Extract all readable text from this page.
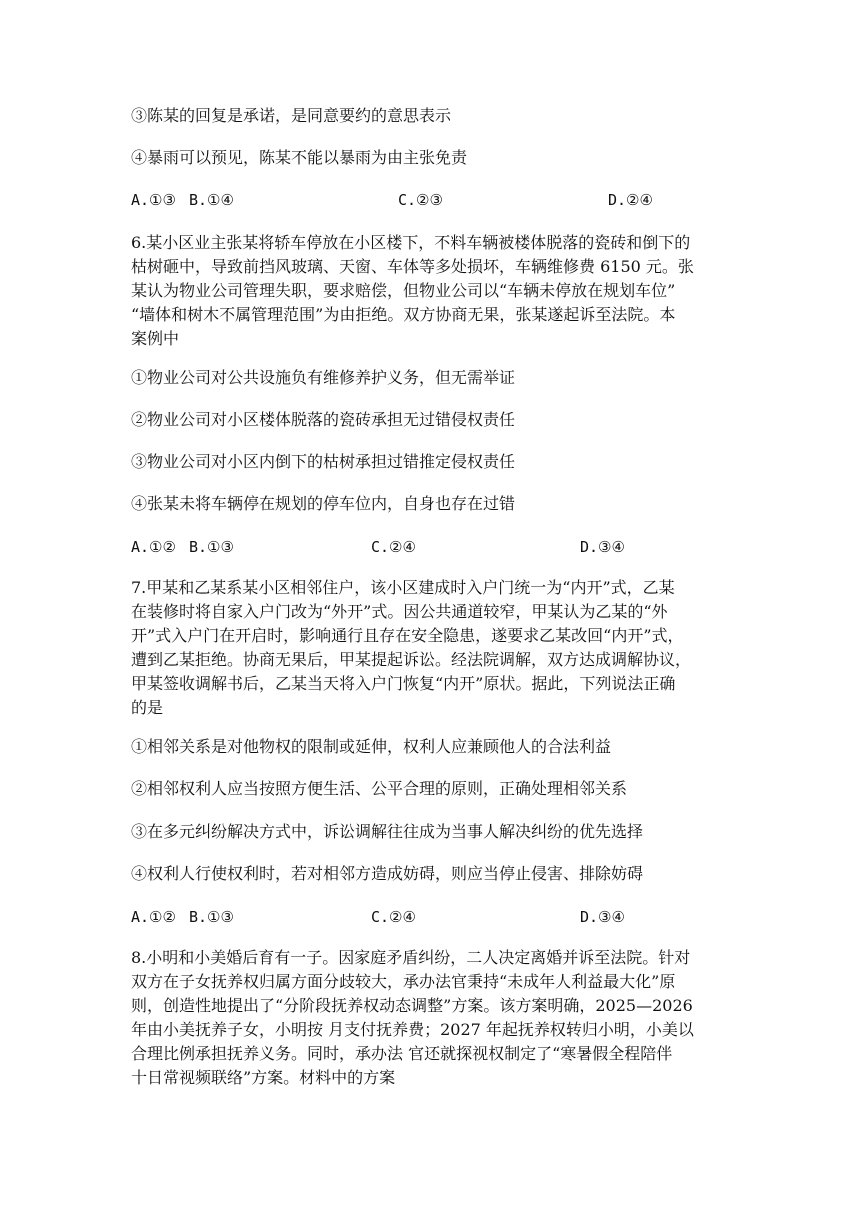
③陈某的回复是承诺，是同意要约的意思表示
④暴雨可以预见，陈某不能以暴雨为由主张免责
A.①③ B.①④	C.②③	D.②④
6.某小区业主张某将轿车停放在小区楼下，不料车辆被楼体脱落的瓷砖和倒下的
枯树砸中，导致前挡风玻璃、天窗、车体等多处损坏，车辆维修费 6150 元。张
某认为物业公司管理失职，要求赔偿，但物业公司以“车辆未停放在规划车位”
“墙体和树木不属管理范围”为由拒绝。双方协商无果，张某遂起诉至法院。本
案例中
①物业公司对公共设施负有维修养护义务，但无需举证
②物业公司对小区楼体脱落的瓷砖承担无过错侵权责任
③物业公司对小区内倒下的枯树承担过错推定侵权责任
④张某未将车辆停在规划的停车位内，自身也存在过错
A.①② B.①③	C.②④	D.③④
7.甲某和乙某系某小区相邻住户，该小区建成时入户门统一为“内开”式，乙某
在装修时将自家入户门改为“外开”式。因公共通道较窄，甲某认为乙某的“外
开”式入户门在开启时，影响通行且存在安全隐患，遂要求乙某改回“内开”式，
遭到乙某拒绝。协商无果后，甲某提起诉讼。经法院调解，双方达成调解协议，
甲某签收调解书后，乙某当天将入户门恢复“内开”原状。据此，下列说法正确
的是
①相邻关系是对他物权的限制或延伸，权利人应兼顾他人的合法利益
②相邻权利人应当按照方便生活、公平合理的原则，正确处理相邻关系
③在多元纠纷解决方式中，诉讼调解往往成为当事人解决纠纷的优先选择
④权利人行使权利时，若对相邻方造成妨碍，则应当停止侵害、排除妨碍
A.①② B.①③	C.②④	D.③④
8.小明和小美婚后育有一子。因家庭矛盾纠纷，二人决定离婚并诉至法院。针对
双方在子女抚养权归属方面分歧较大，承办法官秉持“未成年人利益最大化”原
则，创造性地提出了“分阶段抚养权动态调整”方案。该方案明确，2025—2026
年由小美抚养子女，小明按 月支付抚养费；2027 年起抚养权转归小明，小美以
合理比例承担抚养义务。同时，承办法 官还就探视权制定了“寒暑假全程陪伴
十日常视频联络”方案。材料中的方案
